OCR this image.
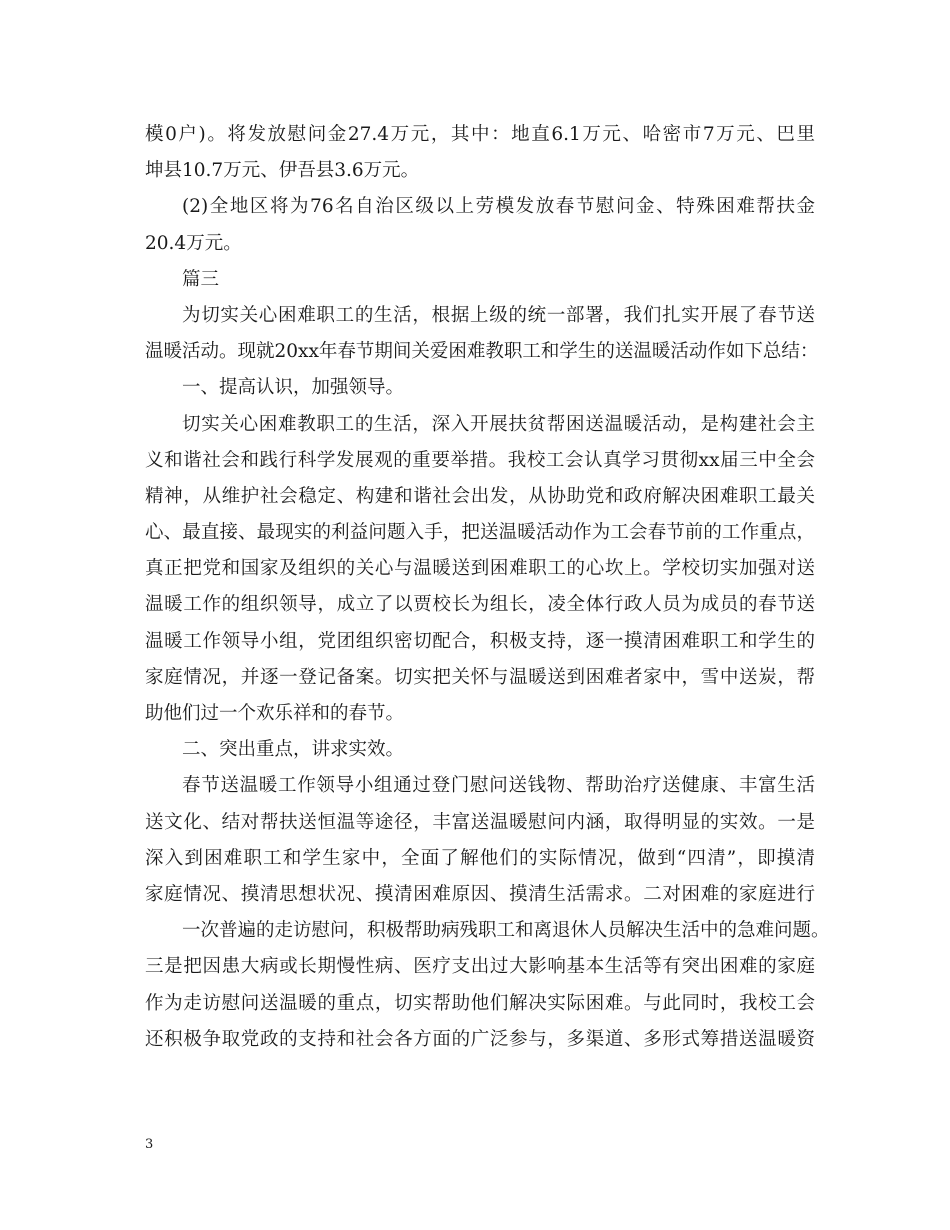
模0户)。将发放慰问金27.4万元，其中：地直6.1万元、哈密市7万元、巴里
坤县10.7万元、伊吾县3.6万元。
(2)全地区将为76名自治区级以上劳模发放春节慰问金、特殊困难帮扶金
20.4万元。
篇三
为切实关心困难职工的生活，根据上级的统一部署，我们扎实开展了春节送
温暖活动。现就20xx年春节期间关爱困难教职工和学生的送温暖活动作如下总结：
一、提高认识，加强领导。
切实关心困难教职工的生活，深入开展扶贫帮困送温暖活动，是构建社会主
义和谐社会和践行科学发展观的重要举措。我校工会认真学习贯彻xx届三中全会
精神，从维护社会稳定、构建和谐社会出发，从协助党和政府解决困难职工最关
心、最直接、最现实的利益问题入手，把送温暖活动作为工会春节前的工作重点，
真正把党和国家及组织的关心与温暖送到困难职工的心坎上。学校切实加强对送
温暖工作的组织领导，成立了以贾校长为组长，凌全体行政人员为成员的春节送
温暖工作领导小组，党团组织密切配合，积极支持，逐一摸清困难职工和学生的
家庭情况，并逐一登记备案。切实把关怀与温暖送到困难者家中，雪中送炭，帮
助他们过一个欢乐祥和的春节。
二、突出重点，讲求实效。
春节送温暖工作领导小组通过登门慰问送钱物、帮助治疗送健康、丰富生活
送文化、结对帮扶送恒温等途径，丰富送温暖慰问内涵，取得明显的实效。一是
深入到困难职工和学生家中，全面了解他们的实际情况，做到“四清”，即摸清
家庭情况、摸清思想状况、摸清困难原因、摸清生活需求。二对困难的家庭进行
一次普遍的走访慰问，积极帮助病残职工和离退休人员解决生活中的急难问题。
三是把因患大病或长期慢性病、医疗支出过大影响基本生活等有突出困难的家庭
作为走访慰问送温暖的重点，切实帮助他们解决实际困难。与此同时，我校工会
还积极争取党政的支持和社会各方面的广泛参与，多渠道、多形式筹措送温暖资
3
